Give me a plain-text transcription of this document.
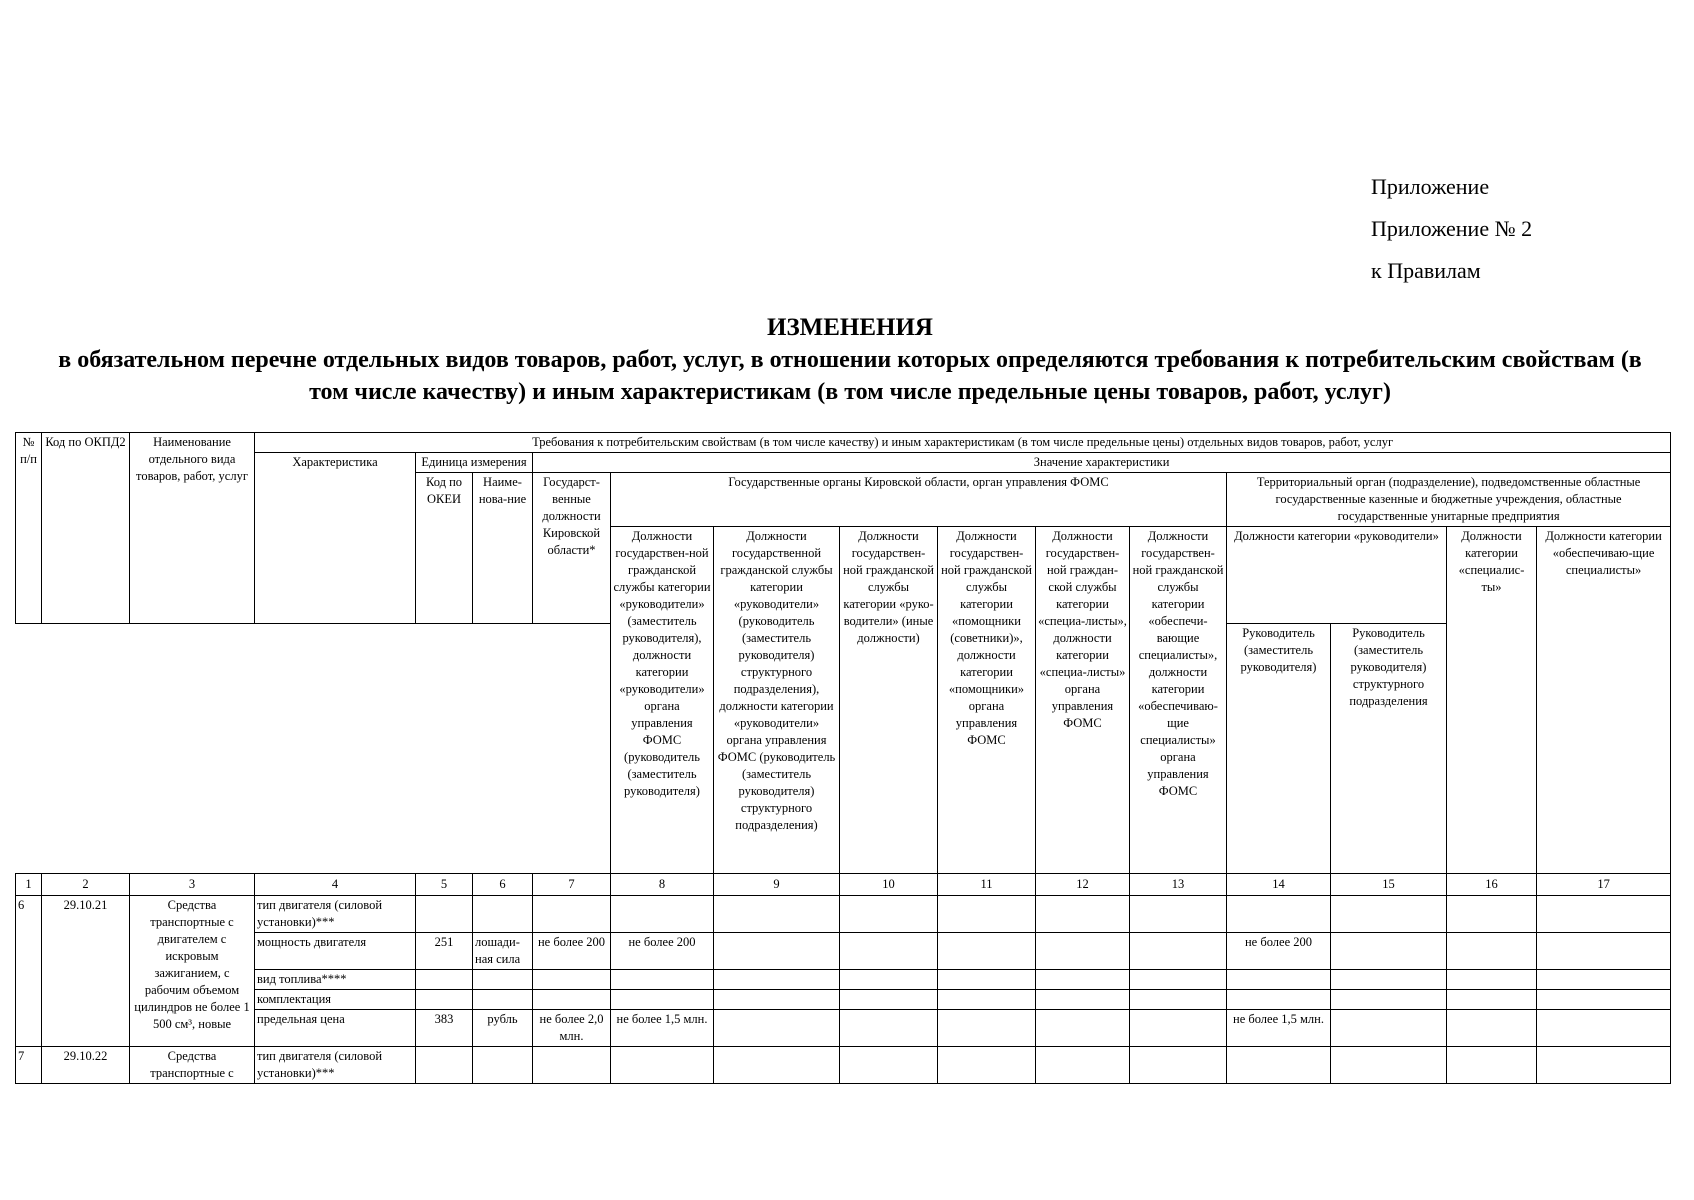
Приложение
Приложение № 2
к Правилам
ИЗМЕНЕНИЯ
в обязательном перечне отдельных видов товаров, работ, услуг, в отношении которых определяются требования к потребительским свойствам (в том числе качеству) и иным характеристикам (в том числе предельные цены товаров, работ, услуг)
№ п/п	Код по ОКПД2	Наименование отдельного вида товаров, работ, услуг	Требования к потребительским свойствам (в том числе качеству) и иным характеристикам (в том числе предельные цены) отдельных видов товаров, работ, услуг													
			Характеристика	Единица измерения		Значение характеристики										
				Код по ОКЕИ	Наиме-нова-ние	Государст-венные должности Кировской области*	Государственные органы Кировской области, орган управления ФОМС						Территориальный орган (подразделение), подведомственные областные государственные казенные и бюджетные учреждения, областные государственные унитарные предприятия			
							Должности государствен-ной гражданской службы категории «руководители» (заместитель руководителя), должности категории «руководители» органа управления ФОМС (руководитель (заместитель руководителя)	Должности государственной гражданской службы категории «руководители» (руководитель (заместитель руководителя) структурного подразделения), должности категории «руководители» органа управления ФОМС (руководитель (заместитель руководителя) структурного подразделения)	Должности государствен-ной гражданской службы категории «руко-водители» (иные должности)	Должности государствен-ной гражданской службы категории «помощники (советники)», должности категории «помощники» органа управления ФОМС	Должности государствен-ной граждан-ской службы категории «специа-листы», должности категории «специа-листы» органа управления ФОМС	Должности государствен-ной гражданской службы категории «обеспечи-вающие специалисты», должности категории «обеспечиваю-щие специалисты» органа управления ФОМС	Должности категории «руководители»		Должности категории «специалис-ты»	Должности категории «обеспечиваю-щие специалисты»
													Руководитель (заместитель руководителя)	Руководитель (заместитель руководителя) структурного подразделения		
1	2	3	4	5	6	7	8	9	10	11	12	13	14	15	16	17
6	29.10.21	Средства транспортные с двигателем с искровым зажиганием, с рабочим объемом цилиндров не более 1 500 см³, новые	тип двигателя (силовой установки)***													
			мощность двигателя	251	лошади-ная сила	не более 200	не более 200						не более 200			
			вид топлива****													
			комплектация													
			предельная цена	383	рубль	не более 2,0 млн.	не более 1,5 млн.						не более 1,5 млн.			
7	29.10.22	Средства транспортные с	тип двигателя (силовой установки)***													
